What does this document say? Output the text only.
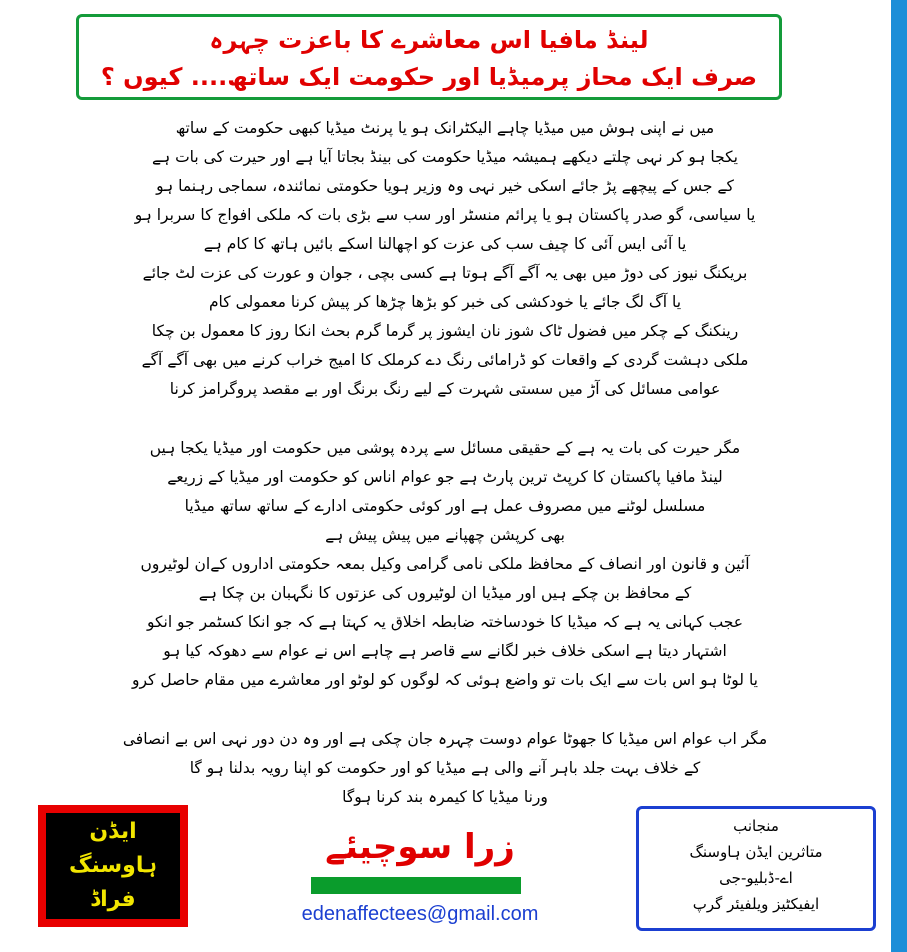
لینڈ مافیا اس معاشرے کا باعزت چہرہ
صرف ایک محاز پرمیڈیا اور حکومت ایک ساتھ.... کیوں ؟
میں نے اپنی ہوش میں میڈیا چاہے الیکٹرانک ہو یا پرنٹ میڈیا کبھی حکومت کے ساتھ
یکجا ہو کر نہی چلتے دیکھے ہمیشہ میڈیا حکومت کی بینڈ بجاتا آیا ہے اور حیرت کی بات ہے
کے جس کے پیچھے پڑ جائے اسکی خیر نہی وہ وزیر ہویا حکومتی نمائندہ، سماجی رہنما ہو
یا سیاسی، گو صدر پاکستان ہو یا پرائم منسٹر اور سب سے بڑی بات کہ ملکی افواج کا سربرا ہو
یا آئی ایس آئی کا چیف سب کی عزت کو اچھالنا اسکے بائیں ہاتھ کا کام ہے
بریکنگ نیوز کی دوڑ میں بھی یہ آگے آگے ہوتا ہے کسی بچی ، جوان و عورت کی عزت لٹ جائے
یا آگ لگ جائے یا خودکشی کی خبر کو بڑھا چڑھا کر پیش کرنا معمولی کام
رینکنگ کے چکر میں فضول ٹاک شوز نان ایشوز پر گرما گرم بحث انکا روز کا معمول بن چکا
ملکی دہشت گردی کے واقعات کو ڈرامائی رنگ دے کرملک کا امیج خراب کرنے میں بھی آگے آگے
عوامی مسائل کی آڑ میں سستی شہرت کے لیے رنگ برنگ اور بے مقصد پروگرامز کرنا
مگر حیرت کی بات یہ ہے کے حقیقی مسائل سے پردہ پوشی میں حکومت اور میڈیا یکجا ہیں
لینڈ مافیا پاکستان کا کرپٹ ترین پارٹ ہے جو عوام اناس کو حکومت اور میڈیا کے زریعے
مسلسل لوٹنے میں مصروف عمل ہے اور کوئی حکومتی ادارے کے ساتھ ساتھ میڈیا
بھی کرپشن چھپانے میں پیش پیش ہے
آئین و قانون اور انصاف کے محافظ ملکی نامی گرامی وکیل بمعہ حکومتی اداروں کےان لوٹیروں
کے محافظ بن چکے ہیں اور میڈیا ان لوٹیروں کی عزتوں کا نگہبان بن چکا ہے
عجب کہانی یہ ہے کہ میڈیا کا خودساختہ ضابطہ اخلاق یہ کہتا ہے کہ جو انکا کسٹمر جو انکو
اشتہار دیتا ہے اسکی خلاف خبر لگانے سے قاصر ہے چاہے اس نے عوام سے دھوکہ کیا ہو
یا لوٹا ہو اس بات سے ایک بات تو واضع ہوئی کہ لوگوں کو لوٹو اور معاشرے میں مقام حاصل کرو
مگر اب عوام اس میڈیا کا جھوٹا عوام دوست چہرہ جان چکی ہے اور وہ دن دور نہی اس بے انصافی
کے خلاف بہت جلد باہر آنے والی ہے میڈیا کو اور حکومت کو اپنا رویہ بدلنا ہو گا
ورنا میڈیا کا کیمرہ بند کرنا ہوگا
ایڈن
ہاوسنگ
فراڈ
زرا سوچیئے
edenaffectees@gmail.com
منجانب
متاثرین ایڈن ہاوسنگ
اے-ڈبلیو-جی
ایفیکٹیز ویلفیئر گرپ
